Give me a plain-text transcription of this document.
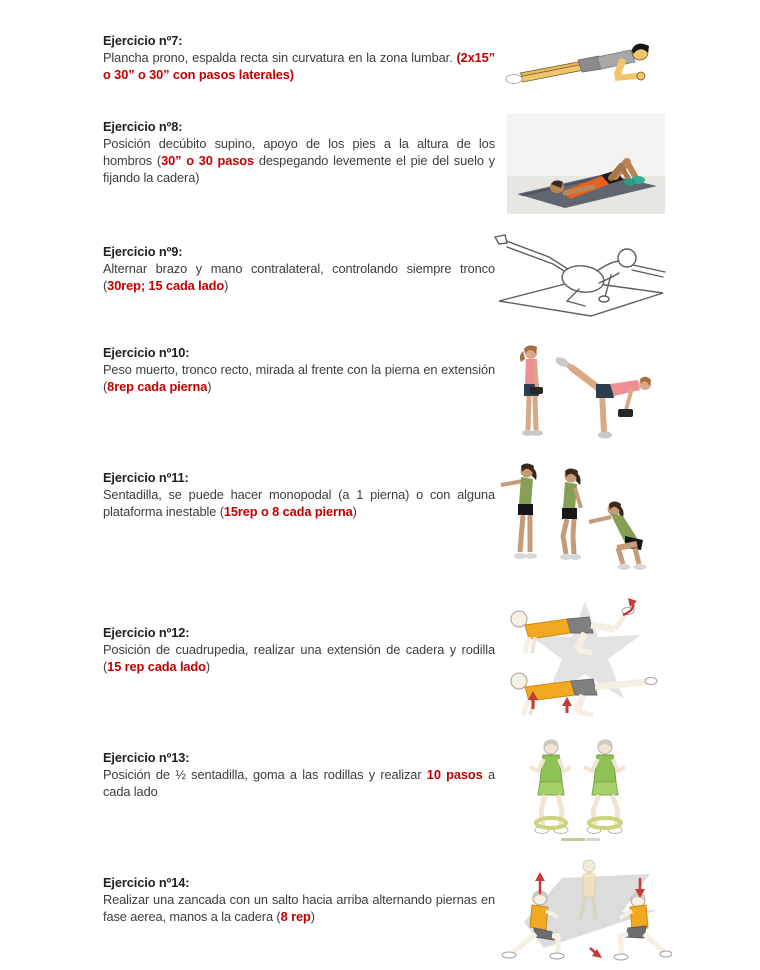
Ejercicio nº7:

Plancha prono, espalda recta sin curvatura en la zona lumbar. (2x15” o 30” o 30” con pasos laterales)

Ejercicio nº8:

Posición decúbito supino, apoyo de los pies a la altura de los hombros (30” o 30 pasos despegando levemente el pie del suelo y fijando la cadera)

Ejercicio nº9:

Alternar brazo y mano contralateral, controlando siempre tronco (30rep; 15 cada lado)

Ejercicio nº10:

Peso muerto, tronco recto, mirada al frente con la pierna en extensión (8rep cada pierna)

Ejercicio nº11:

Sentadilla, se puede hacer monopodal (a 1 pierna) o con alguna plataforma inestable (15rep o 8 cada pierna)

Ejercicio nº12:

Posición de cuadrupedia, realizar una extensión de cadera y rodilla (15 rep cada lado)

Ejercicio nº13:

Posición de ½ sentadilla, goma a las rodillas y realizar 10 pasos a cada lado

Ejercicio nº14:

Realizar una zancada con un salto hacia arriba alternando piernas en fase aerea, manos a la cadera (8 rep)
